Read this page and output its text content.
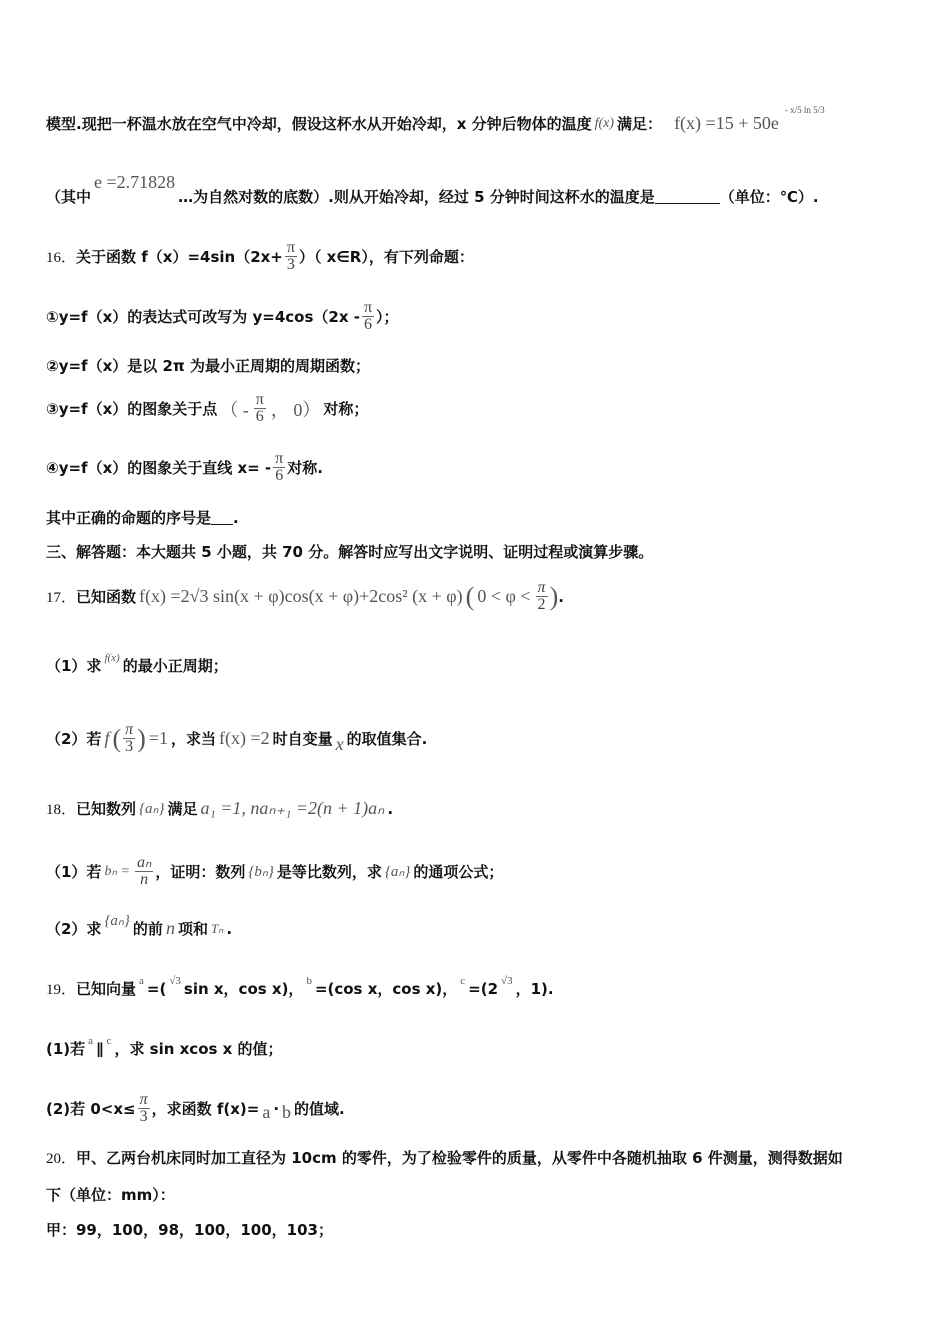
模型.现把一杯温水放在空气中冷却，假设这杯水从开始冷却，x 分钟后物体的温度 f(x) 满足： f(x) =15 + 50e
- x/5 ln 5/3
（其中
e =2.71828
…为自然对数的底数）.则从开始冷却，经过 5 分钟时间这杯水的温度是	（单位：℃）.
16． 关于函数 $f(x)=4\sin(2x+ \frac{\pi}{3}$ ）（ x∈R），有下列命题：
①y=f（x）的表达式可改写为 y=4cos（2x -
π
6 ）；
②y=f（x）是以 2π 为最小正周期的周期函数；
③y=f（x）的图象关于点 （ - π
6 ， 0） 对称；
④y=f（x）的图象关于直线 x= -
π
6 对称.
其中正确的命题的序号是 .
三、解答题：本大题共 5 小题，共 70 分。解答时应写出文字说明、证明过程或演算步骤。
17． 已知函数 f(x) =2√3 sin(x + φ)cos(x + φ)+2cos² (x + φ) ( 0 < φ < π
2 ) .
（1）求 f(x) 的最小正周期；
（2）若 f ( π
3 ) =1 ，求当 f(x) =2 时自变量 x 的取值集合.
18． 已知数列 {aₙ} 满足 a₁ =1, naₙ₊₁ =2(n + 1)aₙ .
（1）若 $b_n = \frac{\text{aₙ}}{n}$ ，证明：数列 {bₙ} 是等比数列，求 {aₙ} 的通项公式；
（2）求 {aₙ} 的前 n 项和 Tₙ .
19． 已知向量 a =( √3 sin x，cos x)， b =(cos x，cos x)， c =(2 √3 ，1).
(1)若 a ∥ c ，求 sin xcos x 的值；
(2)若 $0<x\le \frac{\pi}{3}$ ，求函数 f(x)= a · b 的值域.
20． 甲、乙两台机床同时加工直径为 10cm 的零件，为了检验零件的质量，从零件中各随机抽取 6 件测量，测得数据如
下（单位：mm）：
甲：99，100，98，100，100，103；
